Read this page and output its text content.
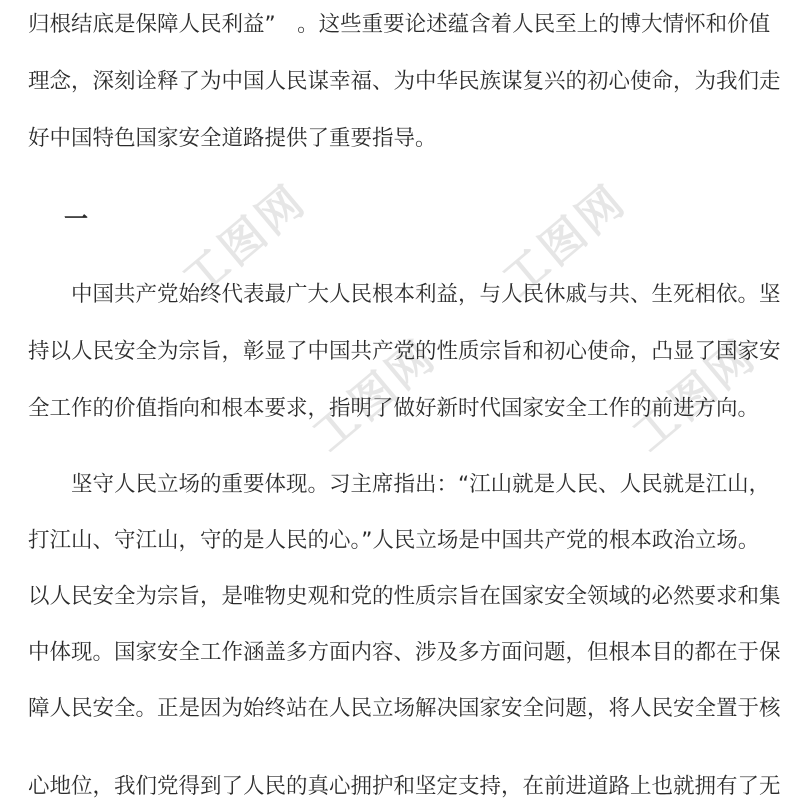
工图网	工图网
工图网	工图网
归根结底是保障人民利益”　。这些重要论述蕴含着人民至上的博大情怀和价值
理念，深刻诠释了为中国人民谋幸福、为中华民族谋复兴的初心使命，为我们走
好中国特色国家安全道路提供了重要指导。
一
　　中国共产党始终代表最广大人民根本利益，与人民休戚与共、生死相依。坚
持以人民安全为宗旨，彰显了中国共产党的性质宗旨和初心使命，凸显了国家安
全工作的价值指向和根本要求，指明了做好新时代国家安全工作的前进方向。
　　坚守人民立场的重要体现。习主席指出：“江山就是人民、人民就是江山，
打江山、守江山，守的是人民的心。”人民立场是中国共产党的根本政治立场。
以人民安全为宗旨，是唯物史观和党的性质宗旨在国家安全领域的必然要求和集
中体现。国家安全工作涵盖多方面内容、涉及多方面问题，但根本目的都在于保
障人民安全。正是因为始终站在人民立场解决国家安全问题，将人民安全置于核
心地位，我们党得到了人民的真心拥护和坚定支持，在前进道路上也就拥有了无
